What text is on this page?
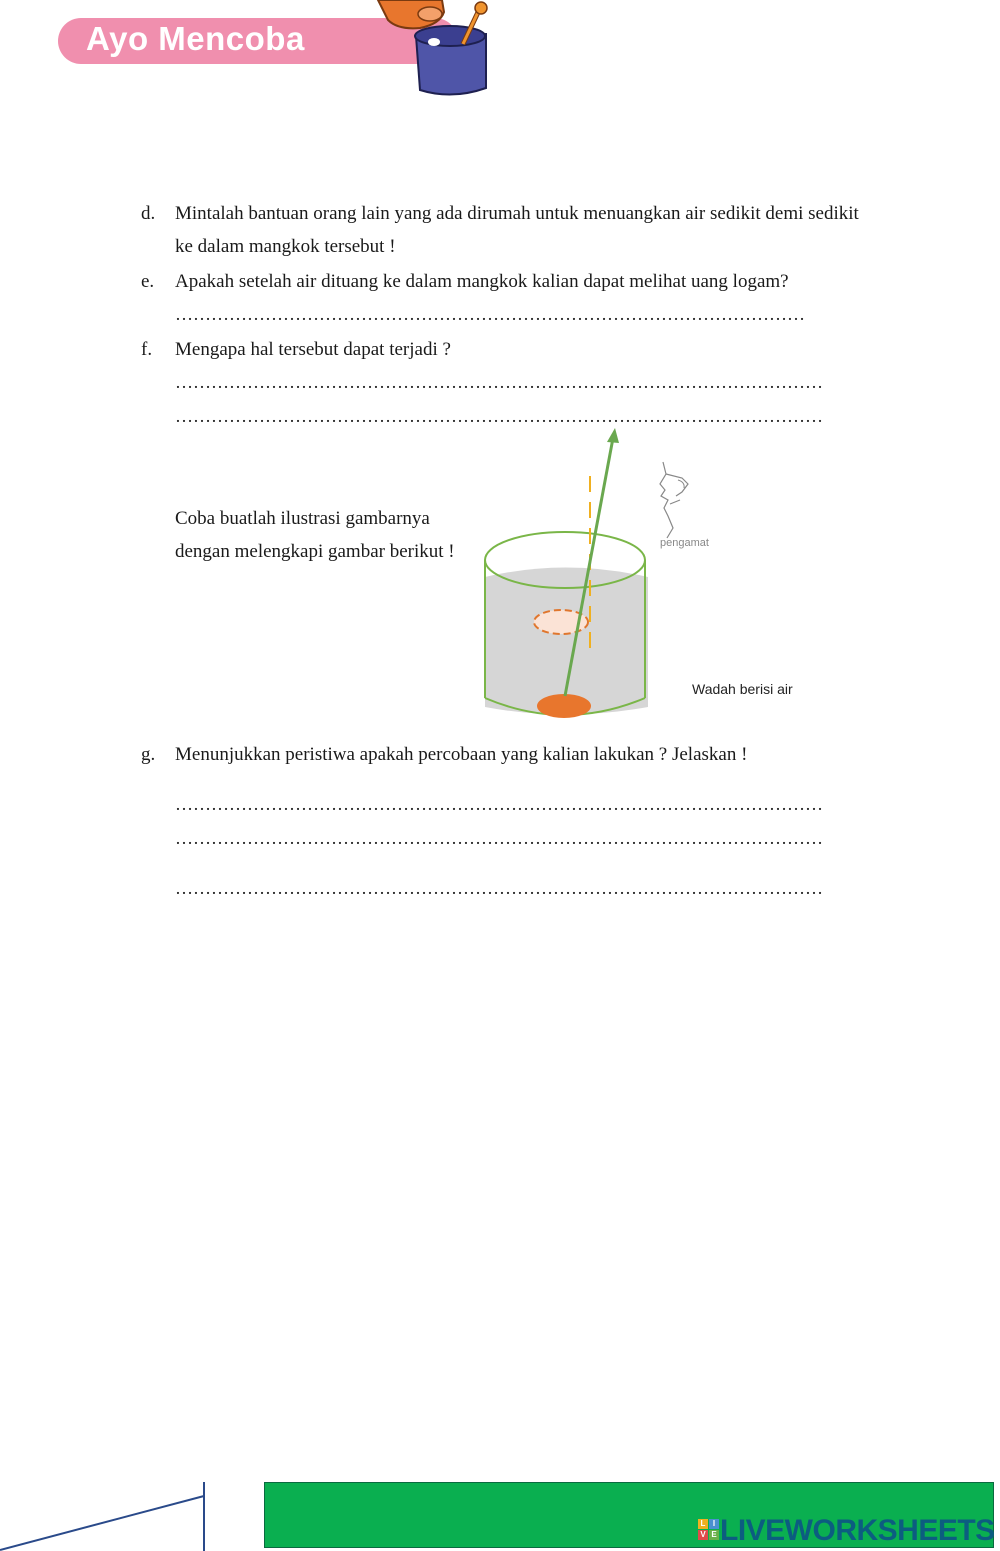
Ayo Mencoba
d. Mintalah bantuan orang lain yang ada dirumah untuk menuangkan air sedikit demi sedikit
ke dalam mangkok tersebut !
e. Apakah setelah air dituang ke dalam mangkok kalian dapat melihat uang logam?
……………………………………………………………………………………………
f. Mengapa hal tersebut dapat terjadi ?
………………………………………………………………………………………………
………………………………………………………………………………………………
Coba buatlah ilustrasi gambarnya
dengan melengkapi gambar berikut !	pengamat
Wadah berisi air
g. Menunjukkan peristiwa apakah percobaan yang kalian lakukan ? Jelaskan !
………………………………………………………………………………………………
………………………………………………………………………………………………
………………………………………………………………………………………………
L I
V E LIVEWORKSHEETS
